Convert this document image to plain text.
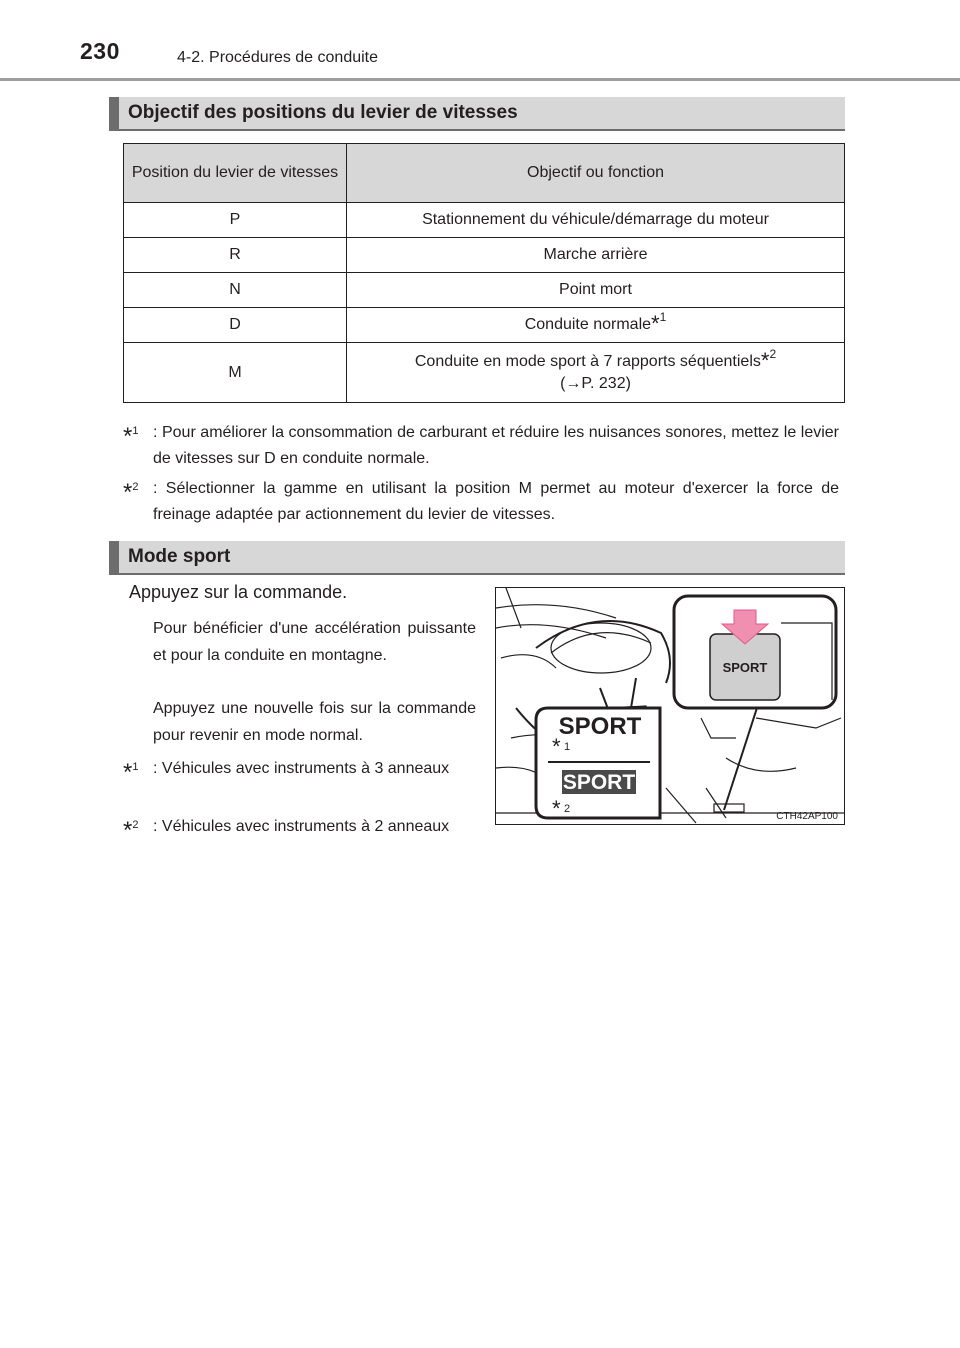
230	4-2. Procédures de conduite
Objectif des positions du levier de vitesses
Position du levier de vitesses	Objectif ou fonction
P	Stationnement du véhicule/démarrage du moteur
R	Marche arrière
N	Point mort
D	Conduite normale$^{*1}$
M	Conduite en mode sport à 7 rapports séquentiels$^{*2}$
(→P. 232)
*$^1$ : Pour améliorer la consommation de carburant et réduire les nuisances sonores, mettez le levier de vitesses sur D en conduite normale.
*$^2$ : Sélectionner la gamme en utilisant la position M permet au moteur d'exercer la force de freinage adaptée par actionnement du levier de vitesses.
Mode sport
Appuyez sur la commande.
Pour bénéficier d'une accélération puissante et pour la conduite en montagne.
Appuyez une nouvelle fois sur la commande pour revenir en mode normal.
*$^1$ : Véhicules avec instruments à 3 anneaux
*$^2$ : Véhicules avec instruments à 2 anneaux
SPORT
SPORT
* 1
SPORT
* 2
CTH42AP100
